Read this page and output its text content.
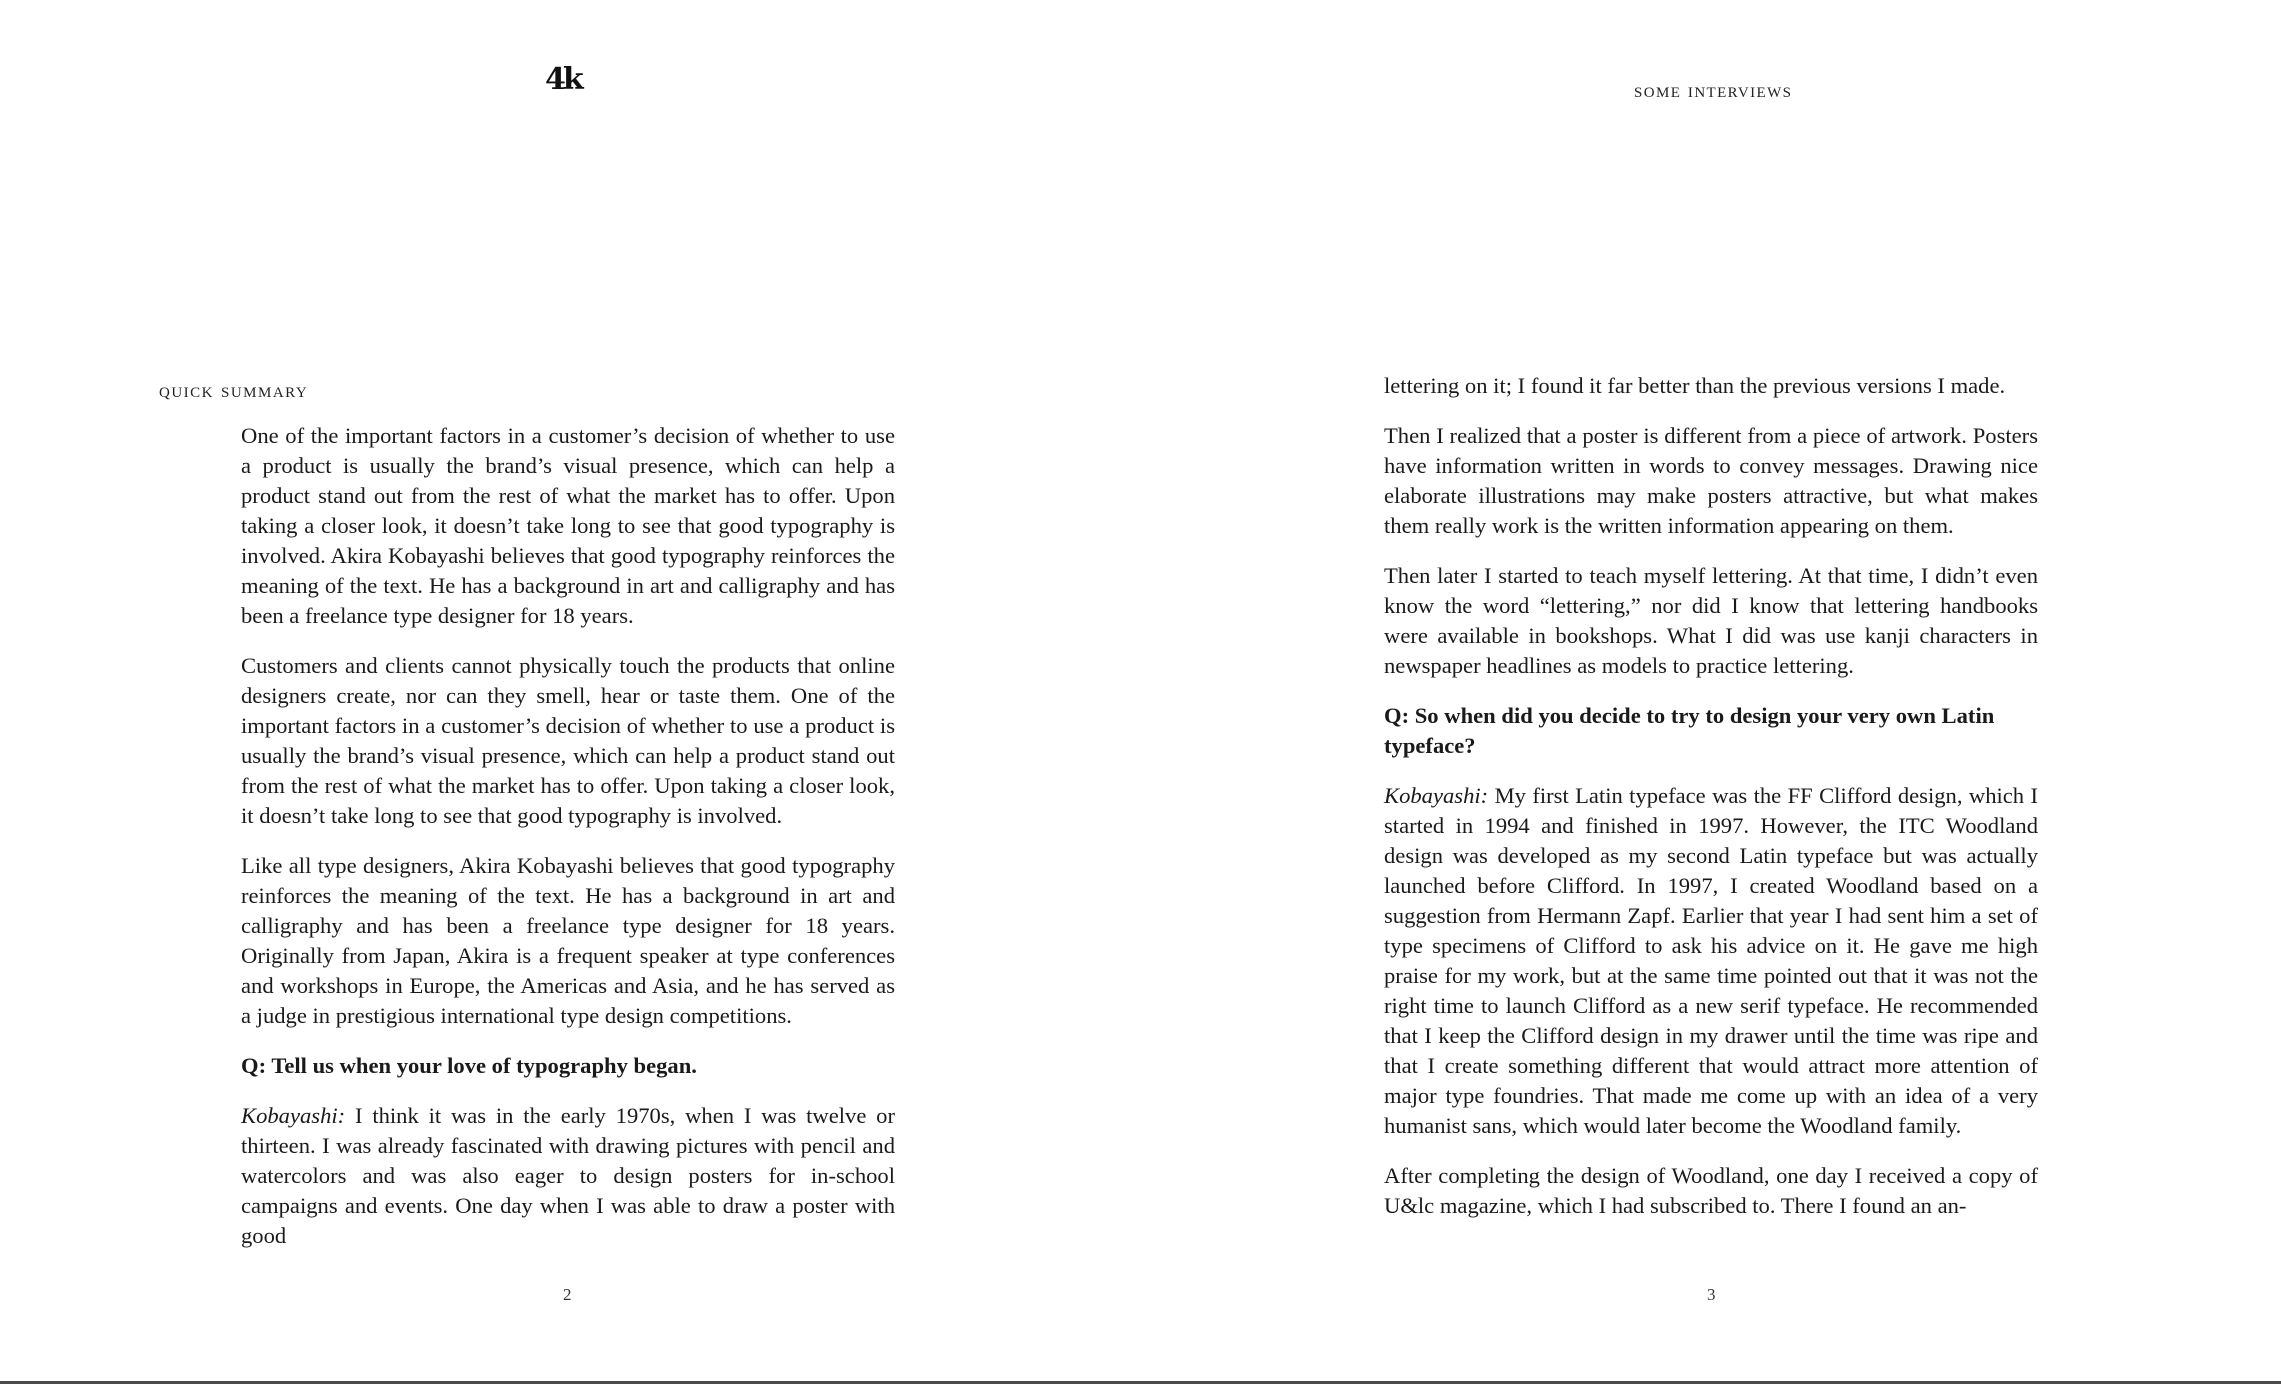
4k
quick summary

One of the important factors in a customer’s decision of whether to use a product is usually the brand’s visual presence, which can help a product stand out from the rest of what the market has to offer. Upon taking a closer look, it doesn’t take long to see that good typography is involved. Akira Kobayashi believes that good typography reinforces the meaning of the text. He has a background in art and calligraphy and has been a freelance type designer for 18 years.

Customers and clients cannot physically touch the products that online designers create, nor can they smell, hear or taste them. One of the important factors in a customer’s decision of whether to use a product is usually the brand’s visual presence, which can help a product stand out from the rest of what the market has to offer. Upon taking a closer look, it doesn’t take long to see that good typography is involved.

Like all type designers, Akira Kobayashi believes that good typography reinforces the meaning of the text. He has a background in art and calligraphy and has been a freelance type designer for 18 years. Originally from Japan, Akira is a frequent speaker at type conferences and workshops in Europe, the Americas and Asia, and he has served as a judge in prestigious international type design competitions.

Q: Tell us when your love of typography began.

Kobayashi: I think it was in the early 1970s, when I was twelve or thirteen. I was already fascinated with drawing pictures with pencil and watercolors and was also eager to design posters for in-school campaigns and events. One day when I was able to draw a poster with good

2
some interviews

lettering on it; I found it far better than the previous versions I made.

Then I realized that a poster is different from a piece of artwork. Posters have information written in words to convey messages. Drawing nice elaborate illustrations may make posters attractive, but what makes them really work is the written information appearing on them.

Then later I started to teach myself lettering. At that time, I didn’t even know the word “lettering,” nor did I know that lettering handbooks were available in bookshops. What I did was use kanji characters in newspaper headlines as models to practice lettering.

Q: So when did you decide to try to design your very own Latin typeface?

Kobayashi: My first Latin typeface was the FF Clifford design, which I started in 1994 and finished in 1997. However, the ITC Woodland design was developed as my second Latin typeface but was actually launched before Clifford. In 1997, I created Woodland based on a suggestion from Hermann Zapf. Earlier that year I had sent him a set of type specimens of Clifford to ask his advice on it. He gave me high praise for my work, but at the same time pointed out that it was not the right time to launch Clifford as a new serif typeface. He recommended that I keep the Clifford design in my drawer until the time was ripe and that I create something different that would attract more attention of major type foundries. That made me come up with an idea of a very humanist sans, which would later become the Woodland family.

After completing the design of Woodland, one day I received a copy of U&lc magazine, which I had subscribed to. There I found an an-

3
